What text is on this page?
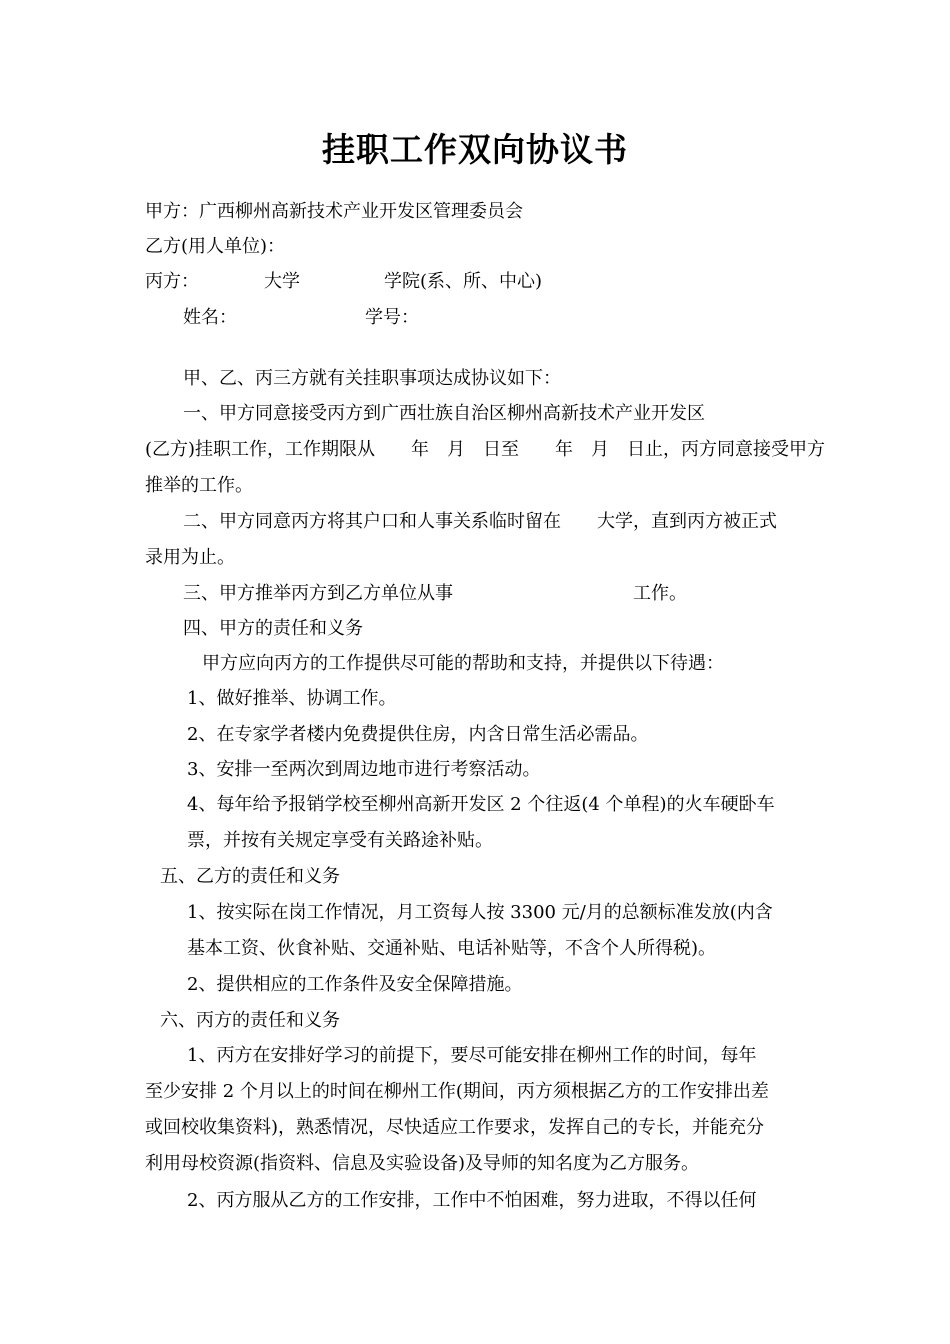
挂职工作双向协议书
甲方：广西柳州高新技术产业开发区管理委员会
乙方(用人单位)：
丙方：	大学	学院(系、所、中心)
姓名：	学号：
甲、乙、丙三方就有关挂职事项达成协议如下：
一、甲方同意接受丙方到广西壮族自治区柳州高新技术产业开发区
(乙方)挂职工作，工作期限从　　年　月　日至　　年　月　日止，丙方同意接受甲方
推举的工作。
二、甲方同意丙方将其户口和人事关系临时留在　　大学，直到丙方被正式
录用为止。
三、甲方推举丙方到乙方单位从事	工作。
四、甲方的责任和义务
甲方应向丙方的工作提供尽可能的帮助和支持，并提供以下待遇：
1、做好推举、协调工作。
2、在专家学者楼内免费提供住房，内含日常生活必需品。
3、安排一至两次到周边地市进行考察活动。
4、每年给予报销学校至柳州高新开发区 2 个往返(4 个单程)的火车硬卧车
票，并按有关规定享受有关路途补贴。
五、乙方的责任和义务
1、按实际在岗工作情况，月工资每人按 3300 元/月的总额标准发放(内含
基本工资、伙食补贴、交通补贴、电话补贴等，不含个人所得税)。
2、提供相应的工作条件及安全保障措施。
六、丙方的责任和义务
1、丙方在安排好学习的前提下，要尽可能安排在柳州工作的时间，每年
至少安排 2 个月以上的时间在柳州工作(期间，丙方须根据乙方的工作安排出差
或回校收集资料)，熟悉情况，尽快适应工作要求，发挥自己的专长，并能充分
利用母校资源(指资料、信息及实验设备)及导师的知名度为乙方服务。
2、丙方服从乙方的工作安排，工作中不怕困难，努力进取，不得以任何
